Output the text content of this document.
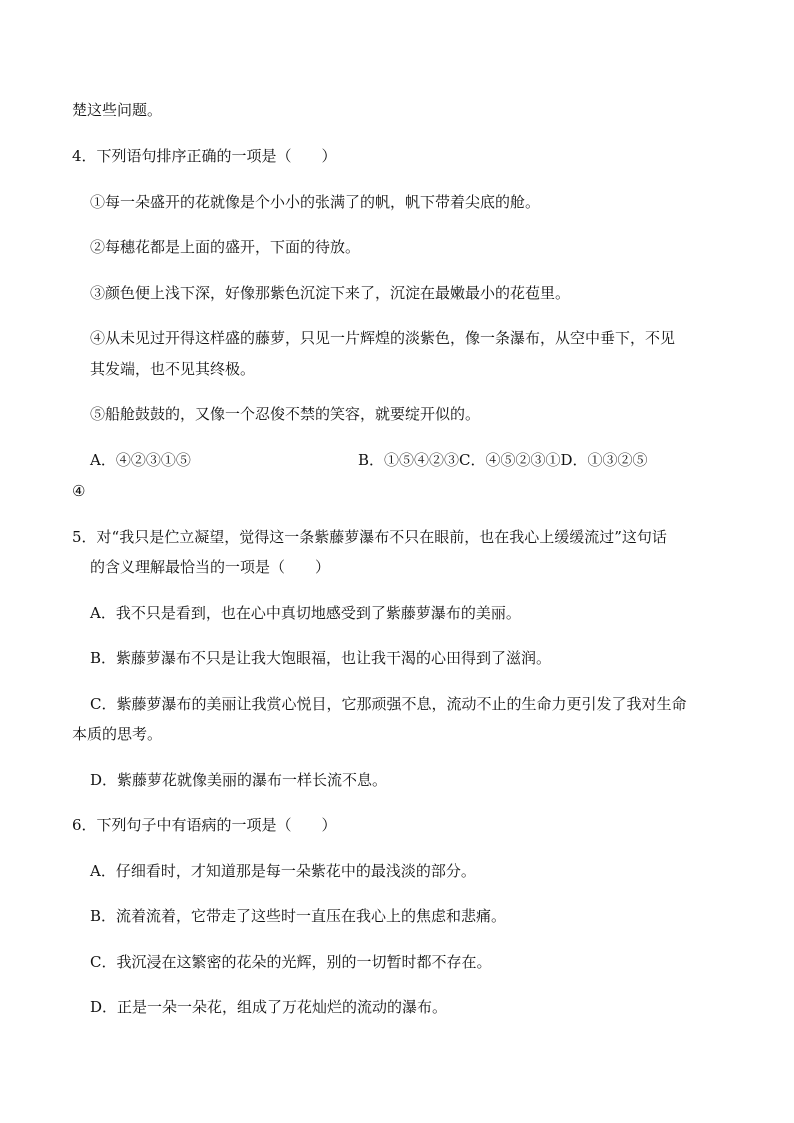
楚这些问题。
4．下列语句排序正确的一项是（　　）
①每一朵盛开的花就像是个小小的张满了的帆，帆下带着尖底的舱。
②每穗花都是上面的盛开，下面的待放。
③颜色便上浅下深，好像那紫色沉淀下来了，沉淀在最嫩最小的花苞里。
④从未见过开得这样盛的藤萝，只见一片辉煌的淡紫色，像一条瀑布，从空中垂下，不见
其发端，也不见其终极。
⑤船舱鼓鼓的，又像一个忍俊不禁的笑容，就要绽开似的。
A．④②③①⑤	B．①⑤④②③C．④⑤②③①D．①③②⑤
④
5．对“我只是伫立凝望，觉得这一条紫藤萝瀑布不只在眼前，也在我心上缓缓流过”这句话
的含义理解最恰当的一项是（　　）
A．我不只是看到，也在心中真切地感受到了紫藤萝瀑布的美丽。
B．紫藤萝瀑布不只是让我大饱眼福，也让我干渴的心田得到了滋润。
C．紫藤萝瀑布的美丽让我赏心悦目，它那顽强不息，流动不止的生命力更引发了我对生命
本质的思考。
D．紫藤萝花就像美丽的瀑布一样长流不息。
6．下列句子中有语病的一项是（　　）
A．仔细看时，才知道那是每一朵紫花中的最浅淡的部分。
B．流着流着，它带走了这些时一直压在我心上的焦虑和悲痛。
C．我沉浸在这繁密的花朵的光辉，别的一切暂时都不存在。
D．正是一朵一朵花，组成了万花灿烂的流动的瀑布。
